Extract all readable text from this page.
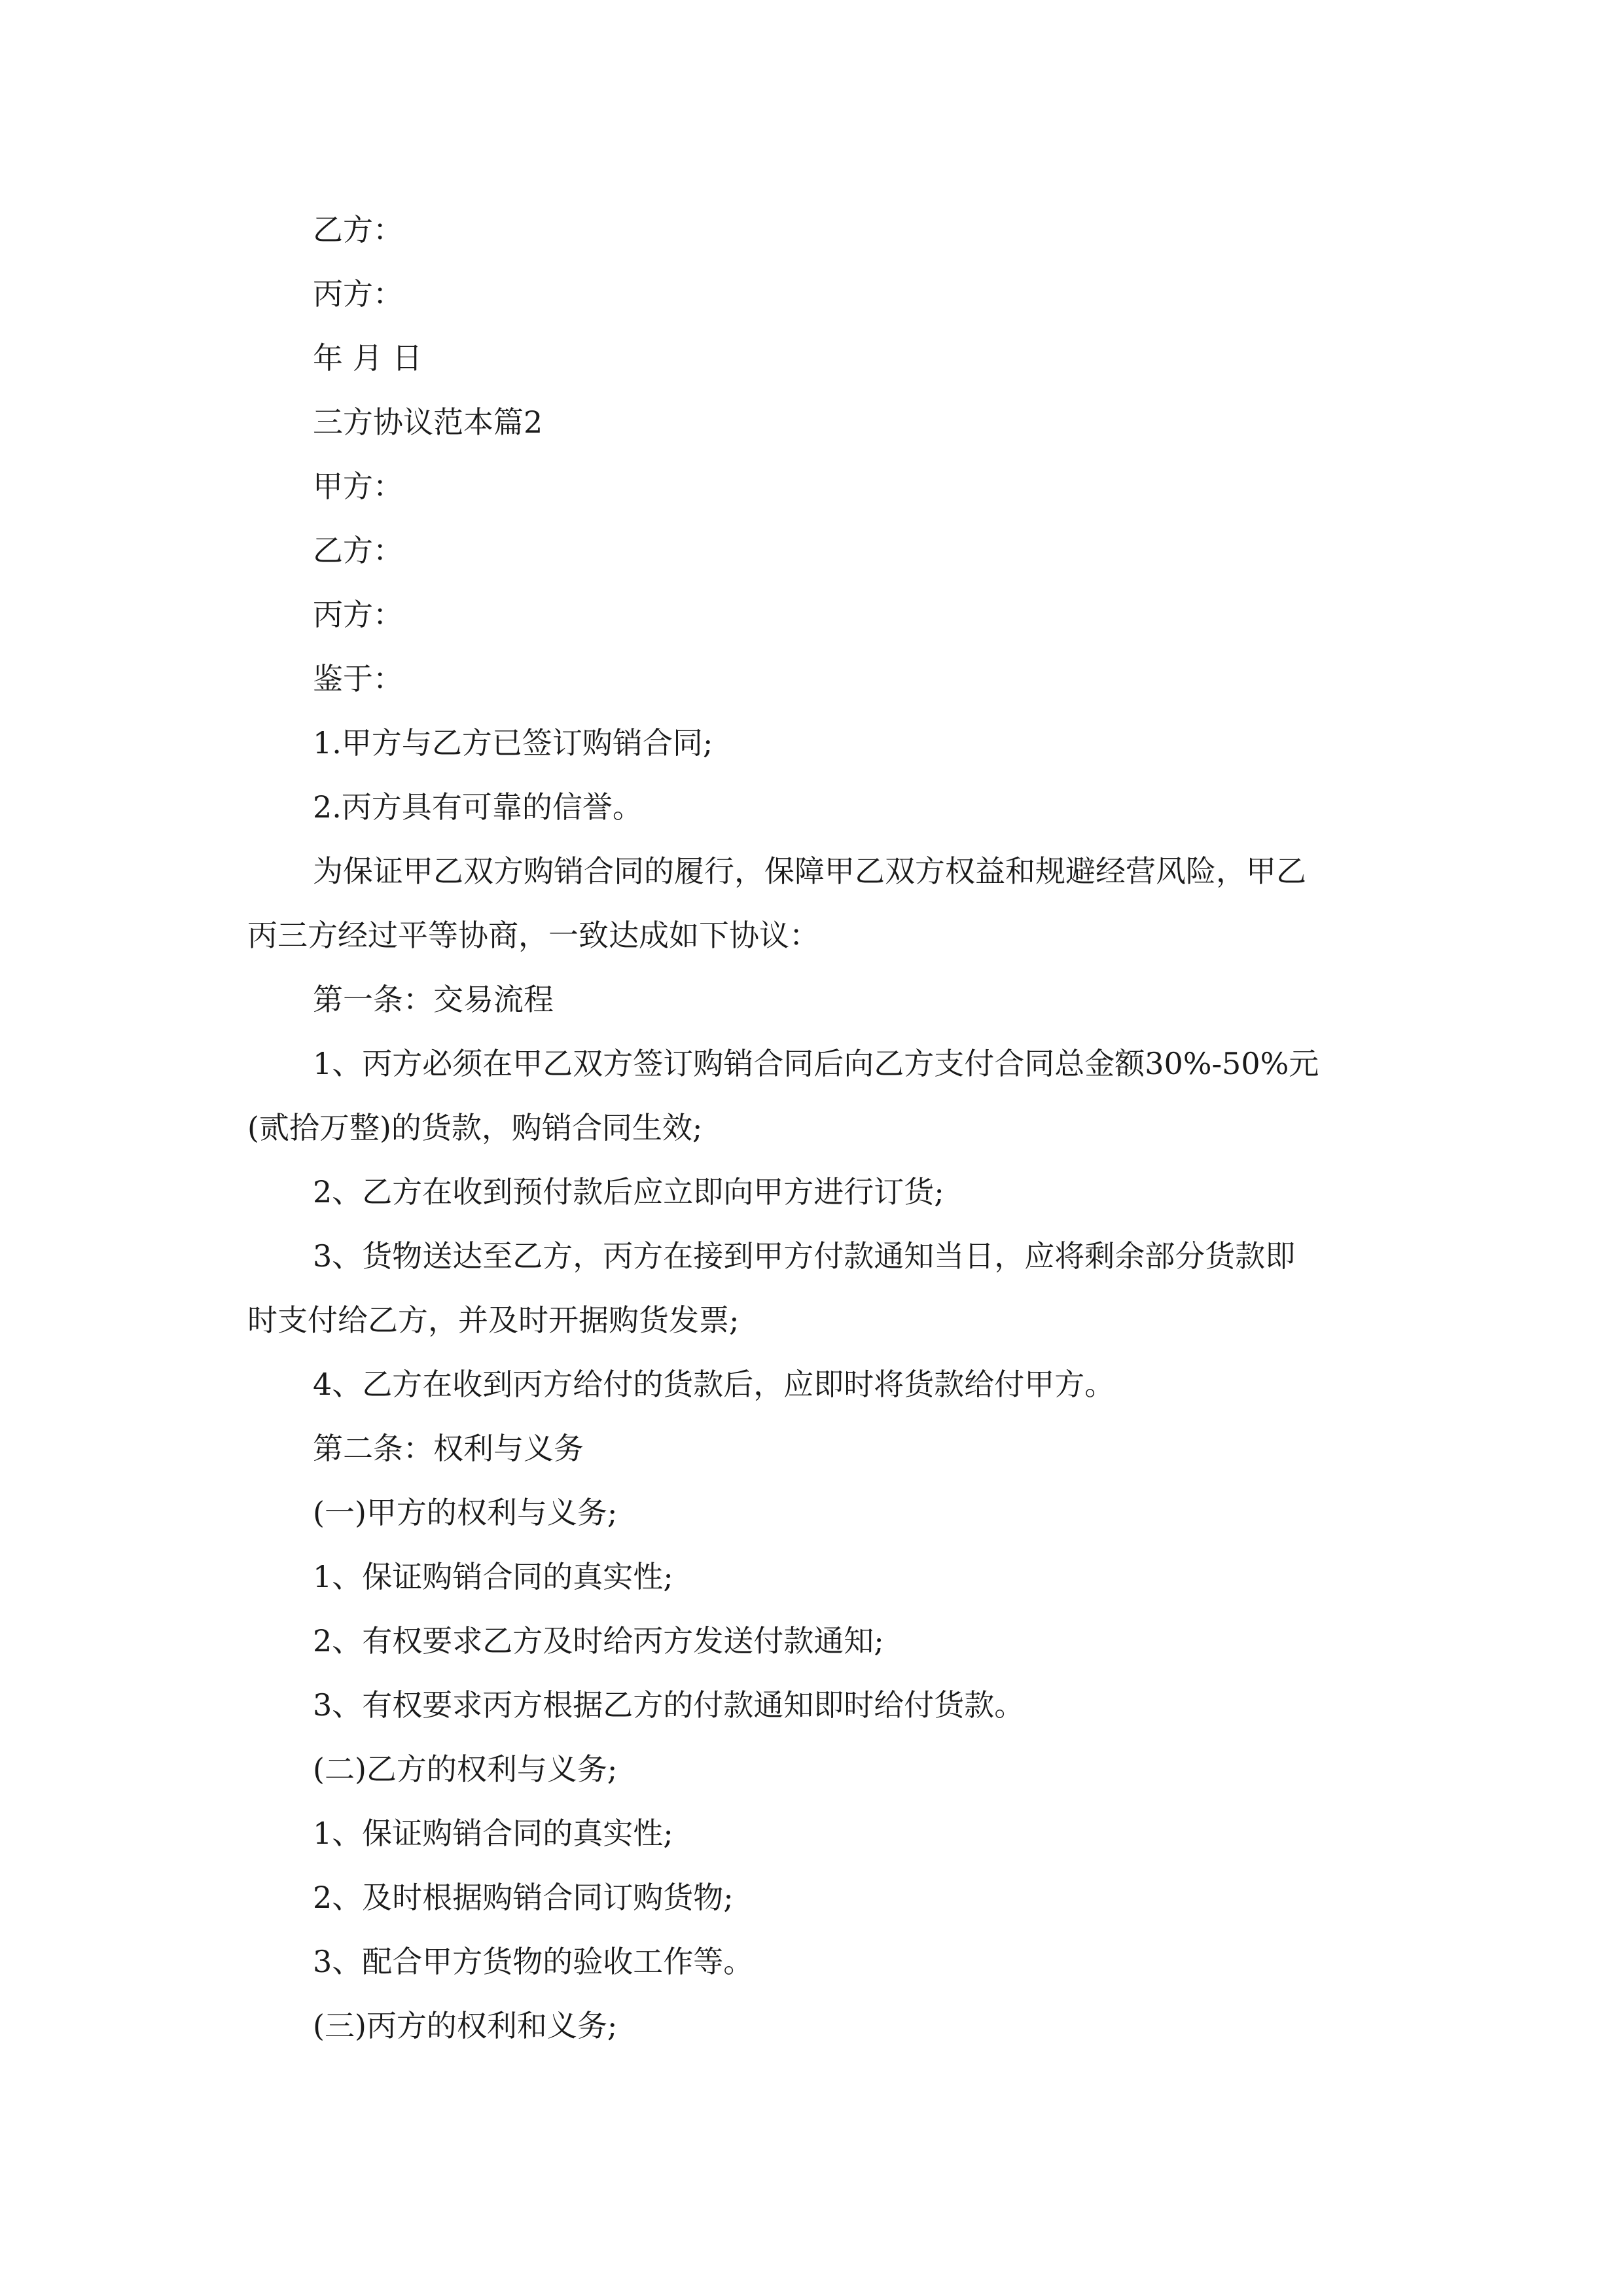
乙方：
丙方：
年 月 日
三方协议范本篇2
甲方：
乙方：
丙方：
鉴于：
1.甲方与乙方已签订购销合同;
2.丙方具有可靠的信誉。
为保证甲乙双方购销合同的履行，保障甲乙双方权益和规避经营风险，甲乙
丙三方经过平等协商，一致达成如下协议：
第一条：交易流程
1、丙方必须在甲乙双方签订购销合同后向乙方支付合同总金额30%-50%元
(贰拾万整)的货款，购销合同生效;
2、乙方在收到预付款后应立即向甲方进行订货;
3、货物送达至乙方，丙方在接到甲方付款通知当日，应将剩余部分货款即
时支付给乙方，并及时开据购货发票;
4、乙方在收到丙方给付的货款后，应即时将货款给付甲方。
第二条：权利与义务
(一)甲方的权利与义务;
1、保证购销合同的真实性;
2、有权要求乙方及时给丙方发送付款通知;
3、有权要求丙方根据乙方的付款通知即时给付货款。
(二)乙方的权利与义务;
1、保证购销合同的真实性;
2、及时根据购销合同订购货物;
3、配合甲方货物的验收工作等。
(三)丙方的权利和义务;
